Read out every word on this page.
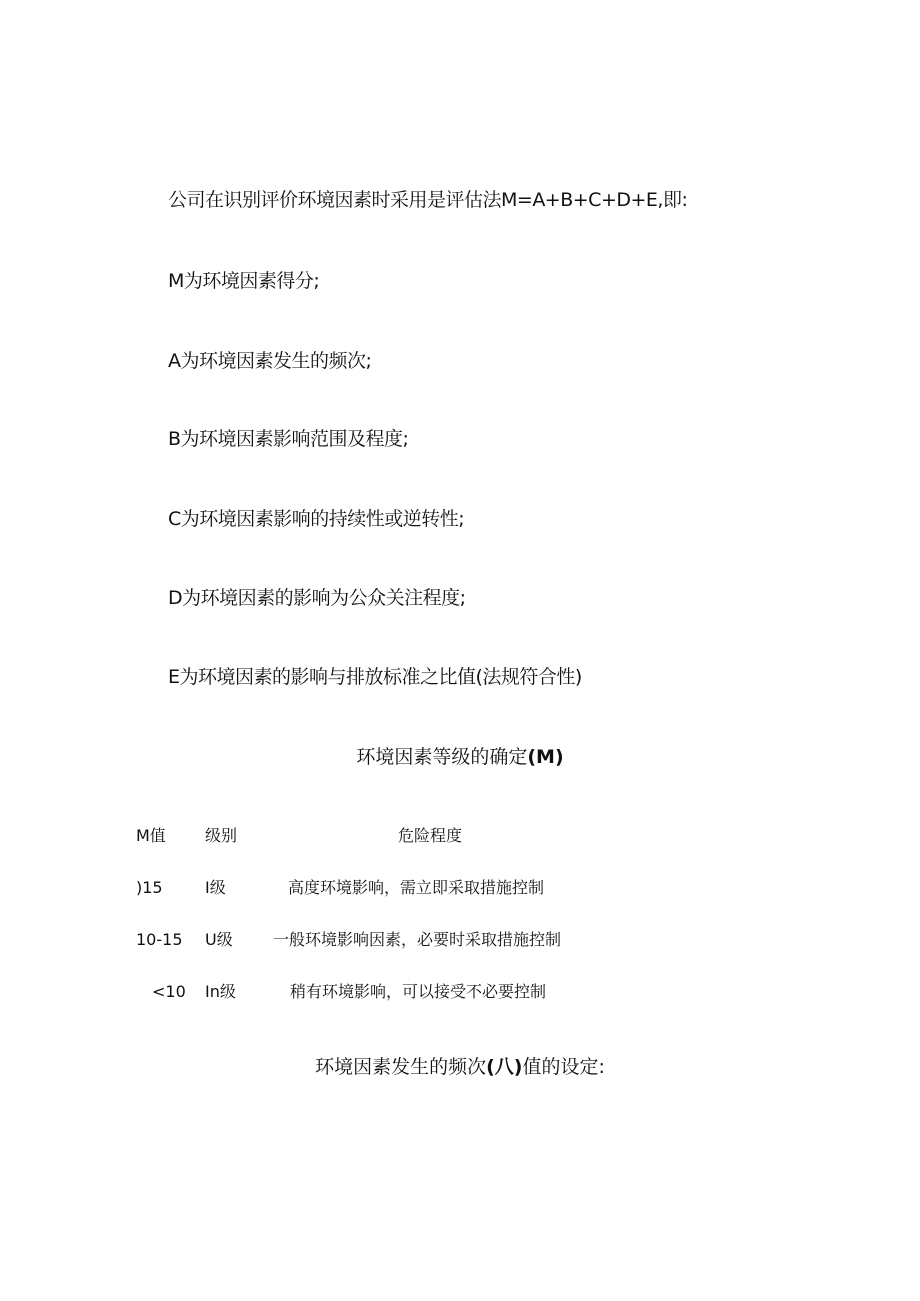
公司在识别评价环境因素时采用是评估法M=A+B+C+D+E,即:
M为环境因素得分;
A为环境因素发生的频次;
B为环境因素影响范围及程度;
C为环境因素影响的持续性或逆转性;
D为环境因素的影响为公众关注程度;
E为环境因素的影响与排放标准之比值(法规符合性)
环境因素等级的确定(M)
M值 级别	危险程度
)15	I级	高度环境影响，需立即采取措施控制
10-15 U级	一般环境影响因素，必要时采取措施控制
<10 In级	稍有环境影响，可以接受不必要控制
环境因素发生的频次(八)值的设定:
